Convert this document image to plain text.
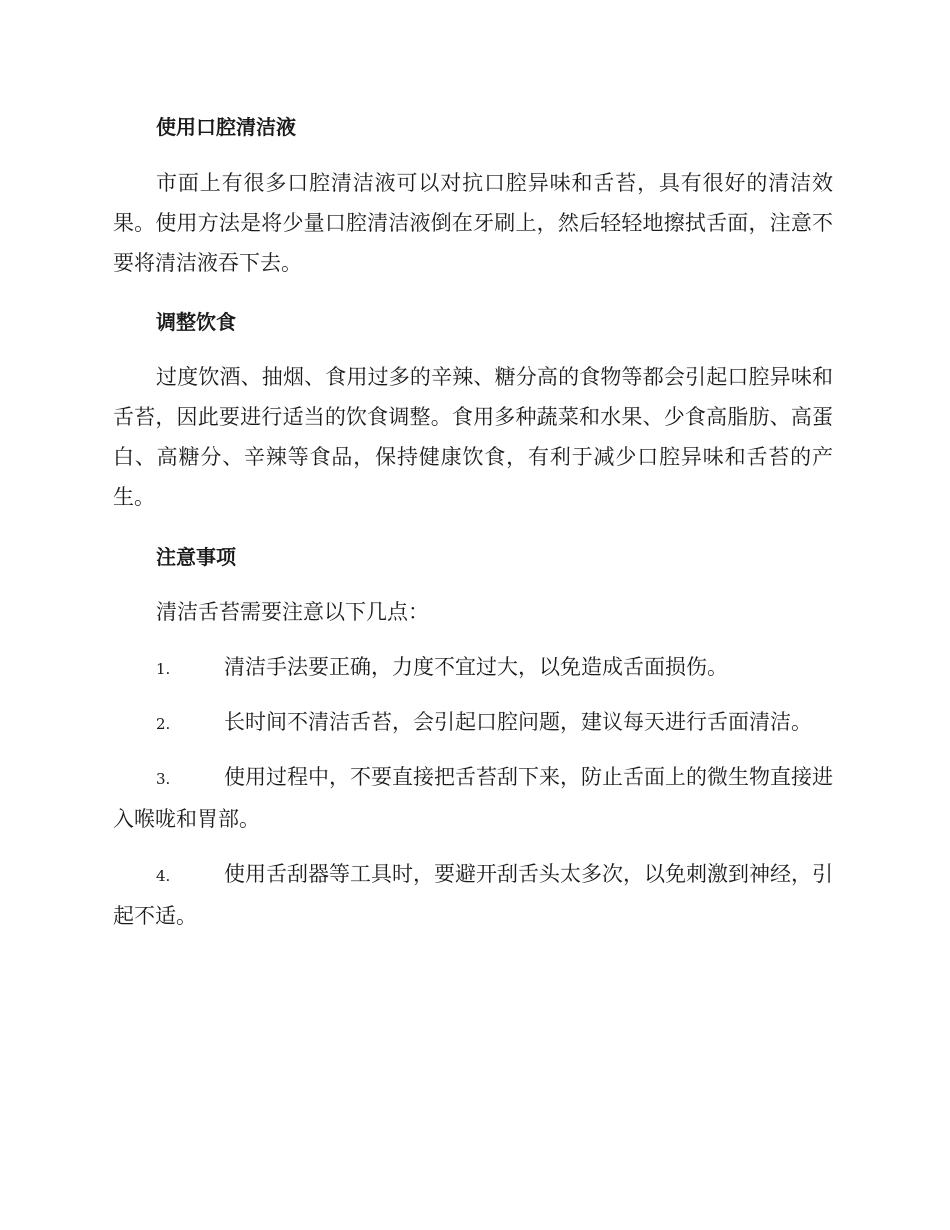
使用口腔清洁液

市面上有很多口腔清洁液可以对抗口腔异味和舌苔，具有很好的清洁效果。使用方法是将少量口腔清洁液倒在牙刷上，然后轻轻地擦拭舌面，注意不要将清洁液吞下去。

调整饮食

过度饮酒、抽烟、食用过多的辛辣、糖分高的食物等都会引起口腔异味和舌苔，因此要进行适当的饮食调整。食用多种蔬菜和水果、少食高脂肪、高蛋白、高糖分、辛辣等食品，保持健康饮食，有利于减少口腔异味和舌苔的产生。

注意事项

清洁舌苔需要注意以下几点：

1.	清洁手法要正确，力度不宜过大，以免造成舌面损伤。
2.	长时间不清洁舌苔，会引起口腔问题，建议每天进行舌面清洁。
3.	使用过程中，不要直接把舌苔刮下来，防止舌面上的微生物直接进入喉咙和胃部。
4.	使用舌刮器等工具时，要避开刮舌头太多次，以免刺激到神经，引起不适。
